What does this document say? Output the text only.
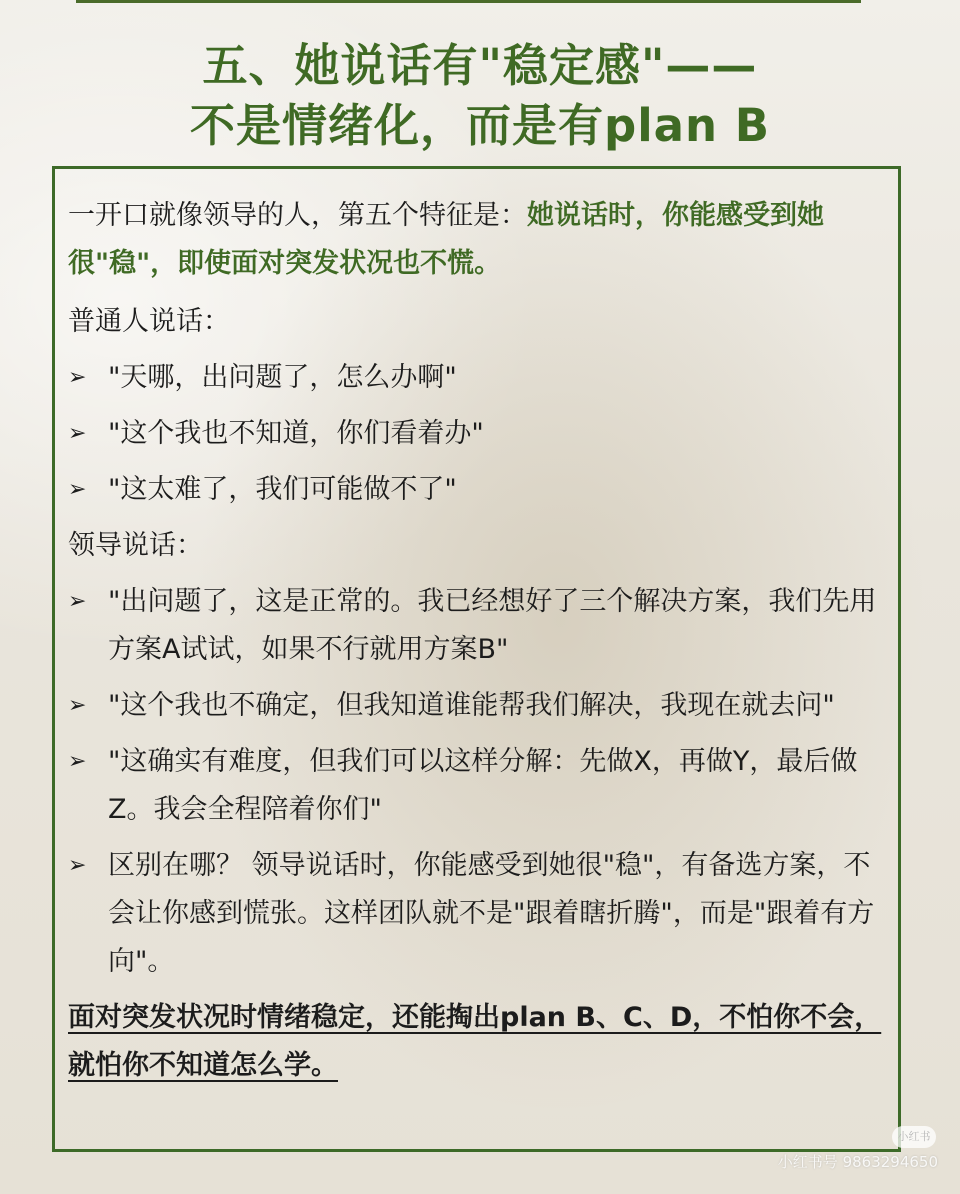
五、她说话有"稳定感"——
不是情绪化，而是有plan B

一开口就像领导的人，第五个特征是：她说话时，你能感受到她很"稳"，即使面对突发状况也不慌。

普通人说话：

➢ "天哪，出问题了，怎么办啊"
➢ "这个我也不知道，你们看着办"
➢ "这太难了，我们可能做不了"

领导说话：

➢ "出问题了，这是正常的。我已经想好了三个解决方案，我们先用方案A试试，如果不行就用方案B"
➢ "这个我也不确定，但我知道谁能帮我们解决，我现在就去问"
➢ "这确实有难度，但我们可以这样分解：先做X，再做Y，最后做Z。我会全程陪着你们"
➢ 区别在哪？ 领导说话时，你能感受到她很"稳"，有备选方案，不会让你感到慌张。这样团队就不是"跟着瞎折腾"，而是"跟着有方向"。

面对突发状况时情绪稳定，还能掏出plan B、C、D，不怕你不会，就怕你不知道怎么学。

小红书
小红书号 9863294650
